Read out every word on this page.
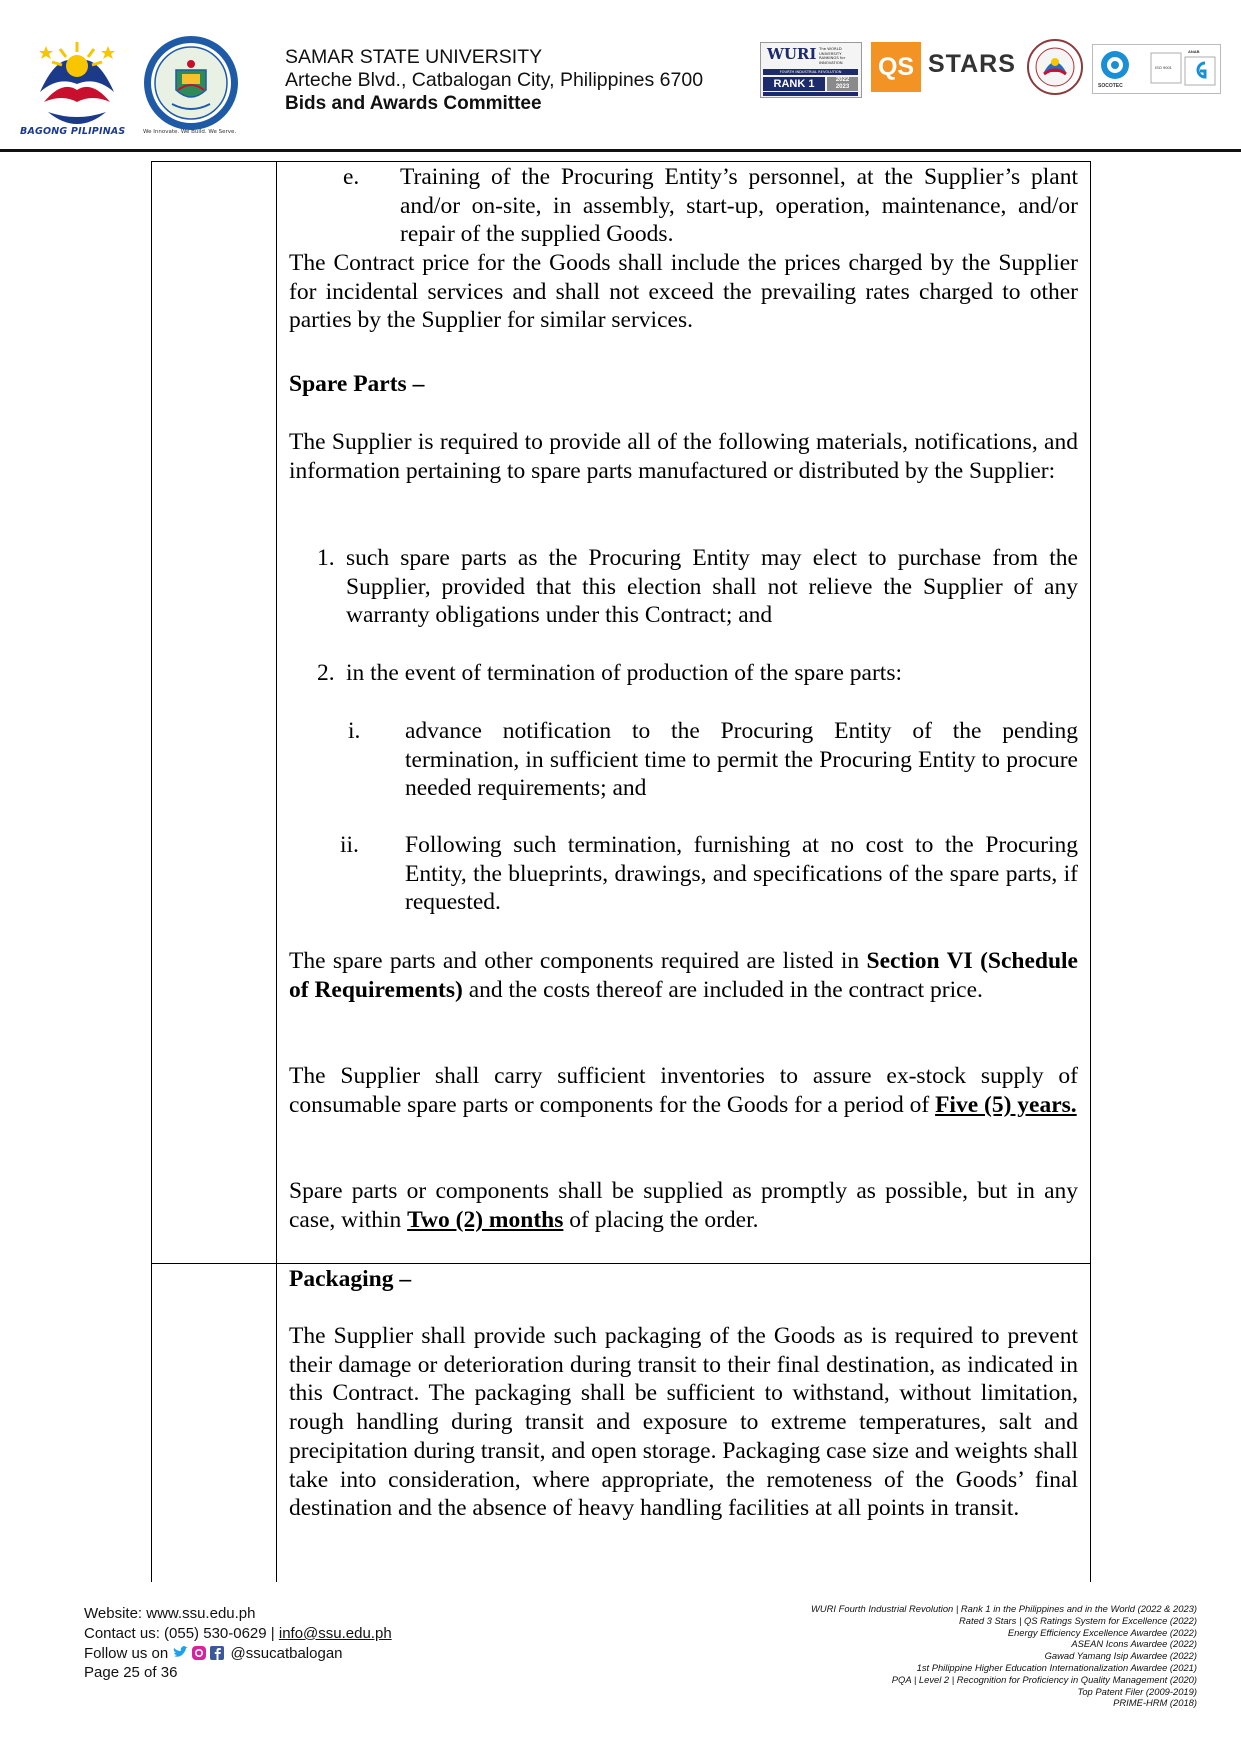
BAGONG PILIPINAS	We Innovate. We Build. We Serve.
SAMAR STATE UNIVERSITY
Arteche Blvd., Catbalogan City, Philippines 6700
Bids and Awards Committee
WURI The WORLD UNIVERSITY RANKINGS for INNOVATION
FOURTH INDUSTRIAL REVOLUTION
RANK 1	2022
2023
QS STARS
SOCOTEC
ISO 9001
ANAB
e. Training of the Procuring Entity’s personnel, at the Supplier’s plant and/or on-site, in assembly, start-up, operation, maintenance, and/or repair of the supplied Goods.

The Contract price for the Goods shall include the prices charged by the Supplier for incidental services and shall not exceed the prevailing rates charged to other parties by the Supplier for similar services.

Spare Parts –

The Supplier is required to provide all of the following materials, notifications, and information pertaining to spare parts manufactured or distributed by the Supplier:

1. such spare parts as the Procuring Entity may elect to purchase from the Supplier, provided that this election shall not relieve the Supplier of any warranty obligations under this Contract; and
2. in the event of termination of production of the spare parts:
i. advance notification to the Procuring Entity of the pending termination, in sufficient time to permit the Procuring Entity to procure needed requirements; and
ii. Following such termination, furnishing at no cost to the Procuring Entity, the blueprints, drawings, and specifications of the spare parts, if requested.

The spare parts and other components required are listed in Section VI (Schedule of Requirements) and the costs thereof are included in the contract price.

The Supplier shall carry sufficient inventories to assure ex-stock supply of consumable spare parts or components for the Goods for a period of Five (5) years.

Spare parts or components shall be supplied as promptly as possible, but in any case, within Two (2) months of placing the order.

Packaging –

The Supplier shall provide such packaging of the Goods as is required to prevent their damage or deterioration during transit to their final destination, as indicated in this Contract. The packaging shall be sufficient to withstand, without limitation, rough handling during transit and exposure to extreme temperatures, salt and precipitation during transit, and open storage. Packaging case size and weights shall take into consideration, where appropriate, the remoteness of the Goods’ final destination and the absence of heavy handling facilities at all points in transit.

Website: www.ssu.edu.ph
Contact us: (055) 530-0629 | info@ssu.edu.ph
Follow us on	@ssucatbalogan
Page 25 of 36
WURI Fourth Industrial Revolution | Rank 1 in the Philippines and in the World (2022 & 2023)
Rated 3 Stars | QS Ratings System for Excellence (2022)
Energy Efficiency Excellence Awardee (2022)
ASEAN Icons Awardee (2022)
Gawad Yamang Isip Awardee (2022)
1st Philippine Higher Education Internationalization Awardee (2021)
PQA | Level 2 | Recognition for Proficiency in Quality Management (2020)
Top Patent Filer (2009-2019)
PRIME-HRM (2018)
